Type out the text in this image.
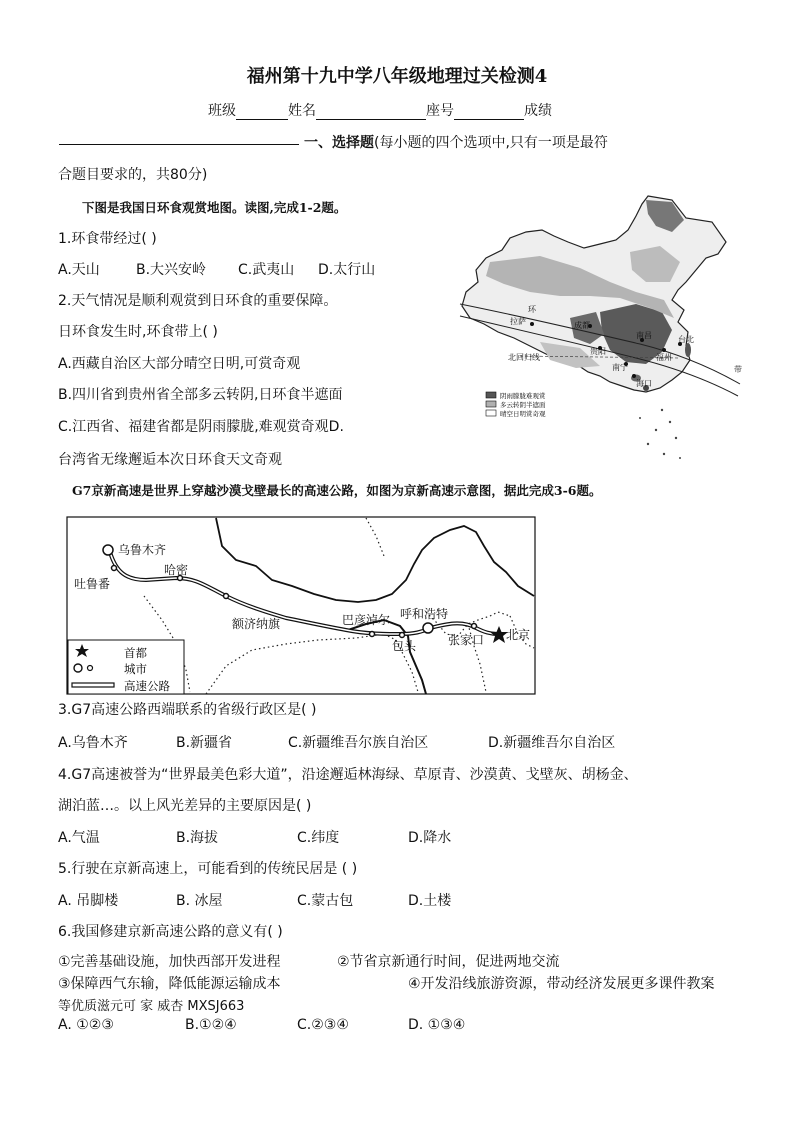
福州第十九中学八年级地理过关检测4
班级	姓名	座号	成绩
一、选择题(每小题的四个选项中,只有一项是最符
合题目要求的，共80分)
下图是我国日环食观赏地图。读图,完成1-2题。
1.环食带经过( )
A.天山	B.大兴安岭 C.武夷山 D.太行山
2.天气情况是顺利观赏到日环食的重要保障。
日环食发生时,环食带上( )
A.西藏自治区大部分晴空日明,可赏奇观
B.四川省到贵州省全部多云转阴,日环食半遮面
C.江西省、福建省都是阴雨朦胧,难观赏奇观D.
台湾省无缘邂逅本次日环食天文奇观
环
拉萨	成都
贵阳
南昌
福州
台北
南宁
海口
北回归线
带
阴雨朦胧难观赏
多云转阴半遮面
晴空日明赏奇观
G7京新高速是世界上穿越沙漠戈壁最长的高速公路，如图为京新高速示意图，据此完成3-6题。
乌鲁木齐
吐鲁番
哈密
额济纳旗	巴彦淖尔 呼和浩特
包头	张家口 北京
首都
城市
高速公路
3.G7高速公路西端联系的省级行政区是( )
A.乌鲁木齐	B.新疆省	C.新疆维吾尔族自治区	D.新疆维吾尔自治区
4.G7高速被誉为“世界最美色彩大道”，沿途邂逅林海绿、草原青、沙漠黄、戈壁灰、胡杨金、
湖泊蓝…。以上风光差异的主要原因是( )
A.气温	B.海拔	C.纬度	D.降水
5.行驶在京新高速上，可能看到的传统民居是 ( )
A. 吊脚楼	B. 冰屋	C.蒙古包	D.土楼
6.我国修建京新高速公路的意义有( )
①完善基础设施，加快西部开发进程	②节省京新通行时间，促进两地交流
③保障西气东输，降低能源运输成本	④开发沿线旅游资源，带动经济发展更多课件教案
等优质滋元可 家 威杏 MXSJ663
A. ①②③	B.①②④	C.②③④	D. ①③④
